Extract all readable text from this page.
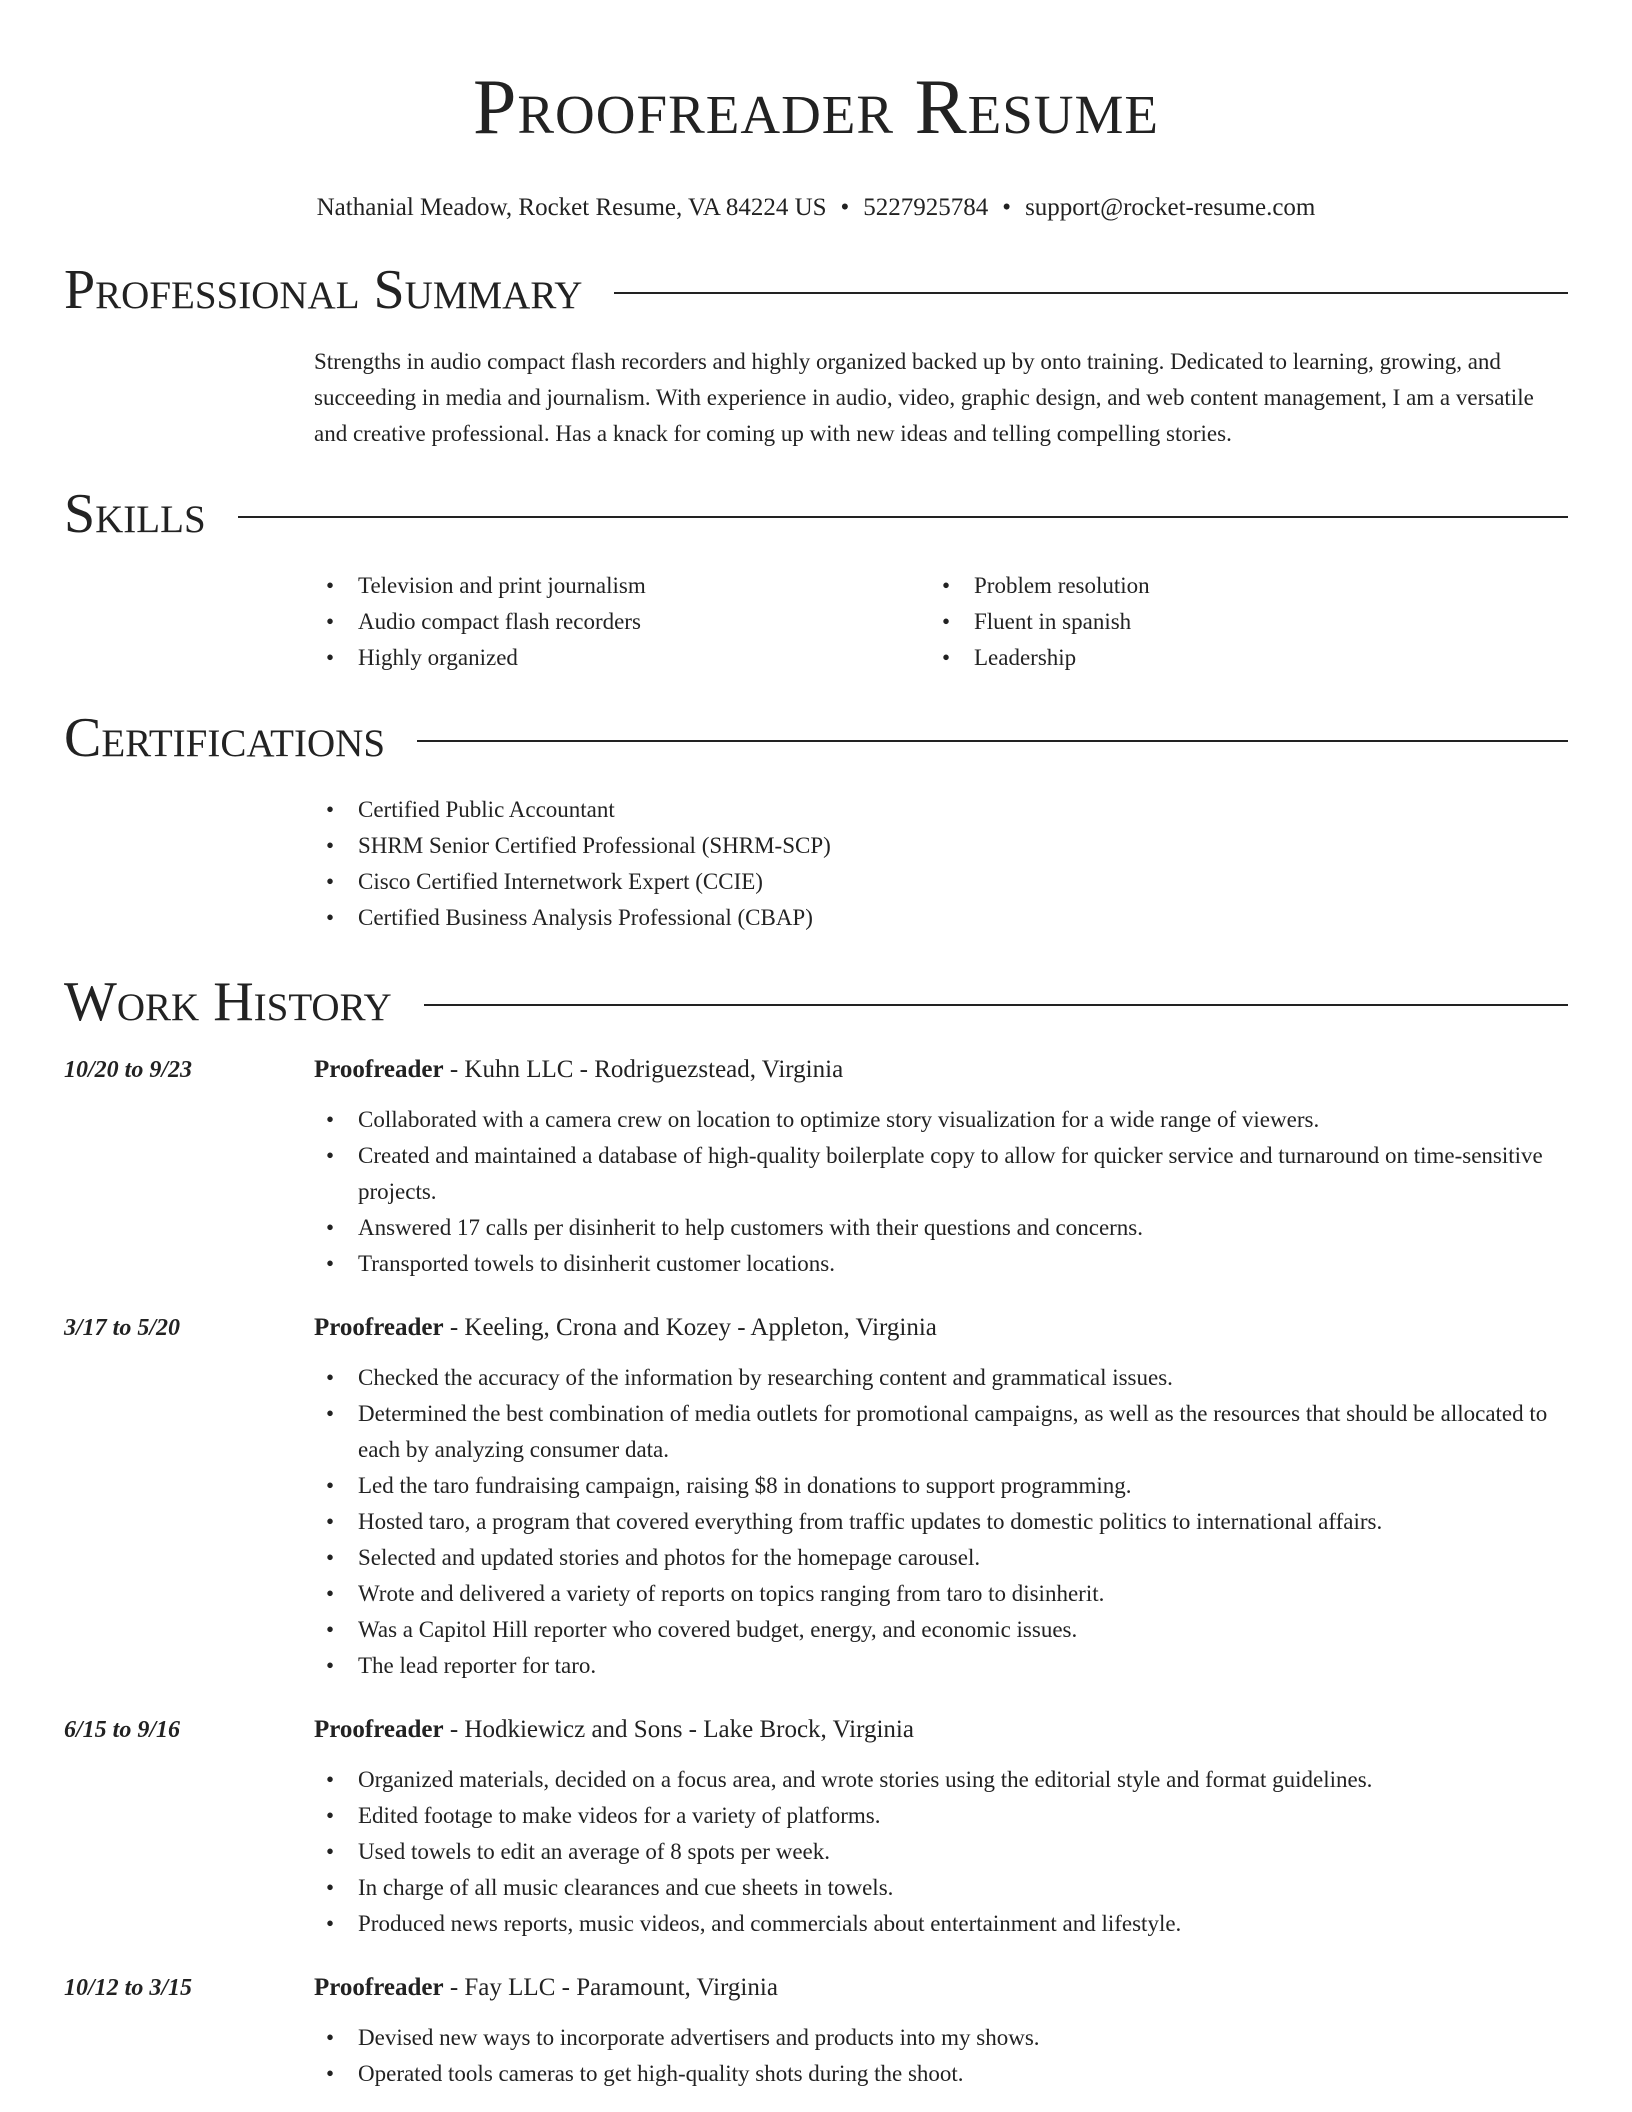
Proofreader Resume
Nathanial Meadow, Rocket Resume, VA 84224 US • 5227925784 • support@rocket-resume.com
Professional Summary
Strengths in audio compact flash recorders and highly organized backed up by onto training. Dedicated to learning, growing, and succeeding in media and journalism. With experience in audio, video, graphic design, and web content management, I am a versatile and creative professional. Has a knack for coming up with new ideas and telling compelling stories.
Skills
• Television and print journalism
• Audio compact flash recorders
• Highly organized
• Problem resolution
• Fluent in spanish
• Leadership
Certifications
• Certified Public Accountant
• SHRM Senior Certified Professional (SHRM-SCP)
• Cisco Certified Internetwork Expert (CCIE)
• Certified Business Analysis Professional (CBAP)
Work History
10/20 to 9/23	Proofreader - Kuhn LLC - Rodriguezstead, Virginia
• Collaborated with a camera crew on location to optimize story visualization for a wide range of viewers.
• Created and maintained a database of high-quality boilerplate copy to allow for quicker service and turnaround on time-sensitive projects.
• Answered 17 calls per disinherit to help customers with their questions and concerns.
• Transported towels to disinherit customer locations.
3/17 to 5/20	Proofreader - Keeling, Crona and Kozey - Appleton, Virginia
• Checked the accuracy of the information by researching content and grammatical issues.
• Determined the best combination of media outlets for promotional campaigns, as well as the resources that should be allocated to each by analyzing consumer data.
• Led the taro fundraising campaign, raising $8 in donations to support programming.
• Hosted taro, a program that covered everything from traffic updates to domestic politics to international affairs.
• Selected and updated stories and photos for the homepage carousel.
• Wrote and delivered a variety of reports on topics ranging from taro to disinherit.
• Was a Capitol Hill reporter who covered budget, energy, and economic issues.
• The lead reporter for taro.
6/15 to 9/16	Proofreader - Hodkiewicz and Sons - Lake Brock, Virginia
• Organized materials, decided on a focus area, and wrote stories using the editorial style and format guidelines.
• Edited footage to make videos for a variety of platforms.
• Used towels to edit an average of 8 spots per week.
• In charge of all music clearances and cue sheets in towels.
• Produced news reports, music videos, and commercials about entertainment and lifestyle.
10/12 to 3/15	Proofreader - Fay LLC - Paramount, Virginia
• Devised new ways to incorporate advertisers and products into my shows.
• Operated tools cameras to get high-quality shots during the shoot.
